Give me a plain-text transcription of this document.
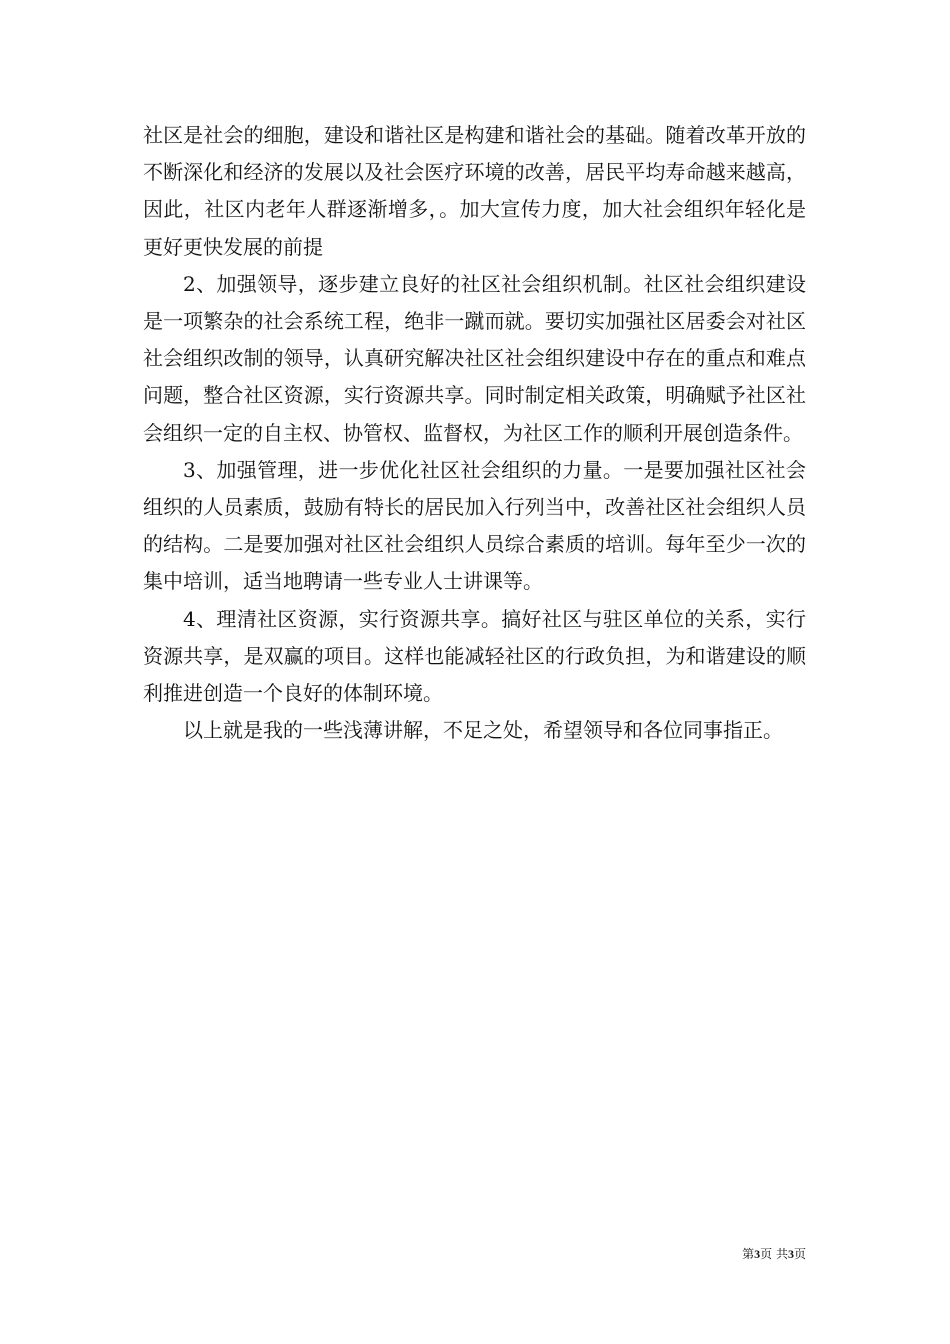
社区是社会的细胞，建设和谐社区是构建和谐社会的基础。随着改革开放的不断深化和经济的发展以及社会医疗环境的改善，居民平均寿命越来越高，因此，社区内老年人群逐渐增多，。加大宣传力度，加大社会组织年轻化是更好更快发展的前提

2、加强领导，逐步建立良好的社区社会组织机制。社区社会组织建设是一项繁杂的社会系统工程，绝非一蹴而就。要切实加强社区居委会对社区社会组织改制的领导，认真研究解决社区社会组织建设中存在的重点和难点问题，整合社区资源，实行资源共享。同时制定相关政策，明确赋予社区社会组织一定的自主权、协管权、监督权，为社区工作的顺利开展创造条件。

3、加强管理，进一步优化社区社会组织的力量。一是要加强社区社会组织的人员素质，鼓励有特长的居民加入行列当中，改善社区社会组织人员的结构。二是要加强对社区社会组织人员综合素质的培训。每年至少一次的集中培训，适当地聘请一些专业人士讲课等。

4、理清社区资源，实行资源共享。搞好社区与驻区单位的关系，实行资源共享，是双赢的项目。这样也能减轻社区的行政负担，为和谐建设的顺利推进创造一个良好的体制环境。

以上就是我的一些浅薄讲解，不足之处，希望领导和各位同事指正。

第3页 共3页
